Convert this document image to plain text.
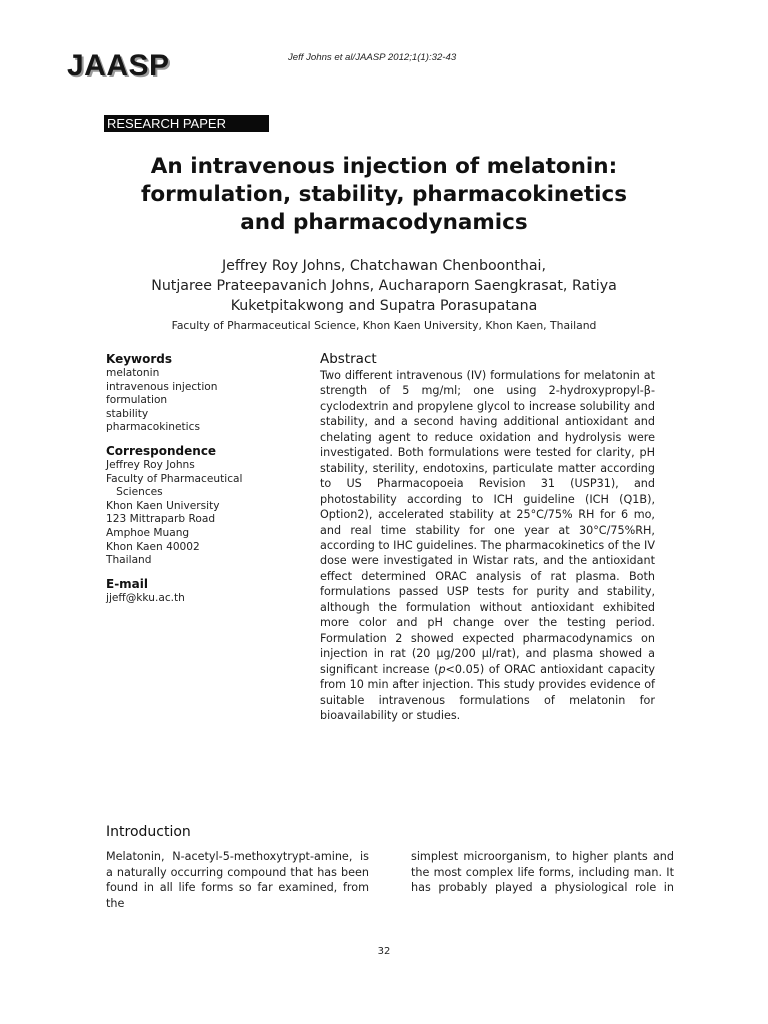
JAASP	Jeff Johns et al/JAASP 2012;1(1):32-43
RESEARCH PAPER
An intravenous injection of melatonin:
formulation, stability, pharmacokinetics
and pharmacodynamics
Jeffrey Roy Johns, Chatchawan Chenboonthai,
Nutjaree Prateepavanich Johns, Aucharaporn Saengkrasat, Ratiya
Kuketpitakwong and Supatra Porasupatana
Faculty of Pharmaceutical Science, Khon Kaen University, Khon Kaen, Thailand
Keywords
melatonin
intravenous injection
formulation
stability
pharmacokinetics
Correspondence
Jeffrey Roy Johns
Faculty of Pharmaceutical
Sciences
Khon Kaen University
123 Mittraparb Road
Amphoe Muang
Khon Kaen 40002
Thailand
E-mail
jjeff@kku.ac.th
Abstract
Two different intravenous (IV) formulations for melatonin at strength of 5 mg/ml; one using 2-hydroxypropyl-β-cyclodextrin and propylene glycol to increase solubility and stability, and a second having additional antioxidant and chelating agent to reduce oxidation and hydrolysis were investigated. Both formulations were tested for clarity, pH stability, sterility, endotoxins, particulate matter according to US Pharmacopoeia Revision 31 (USP31), and photostability according to ICH guideline (ICH (Q1B), Option2), accelerated stability at 25°C/75% RH for 6 mo, and real time stability for one year at 30°C/75%RH, according to IHC guidelines. The pharmacokinetics of the IV dose were investigated in Wistar rats, and the antioxidant effect determined ORAC analysis of rat plasma. Both formulations passed USP tests for purity and stability, although the formulation without antioxidant exhibited more color and pH change over the testing period. Formulation 2 showed expected pharmacodynamics on injection in rat (20 µg/200 µl/rat), and plasma showed a significant increase (p<0.05) of ORAC antioxidant capacity from 10 min after injection. This study provides evidence of suitable intravenous formulations of melatonin for bioavailability or studies.
Introduction
Melatonin, N-acetyl-5-methoxytrypt-amine, is a naturally occurring compound that has been found in all life forms so far examined, from the
simplest microorganism, to higher plants and the most complex life forms, including man. It has probably played a physiological role in
32
